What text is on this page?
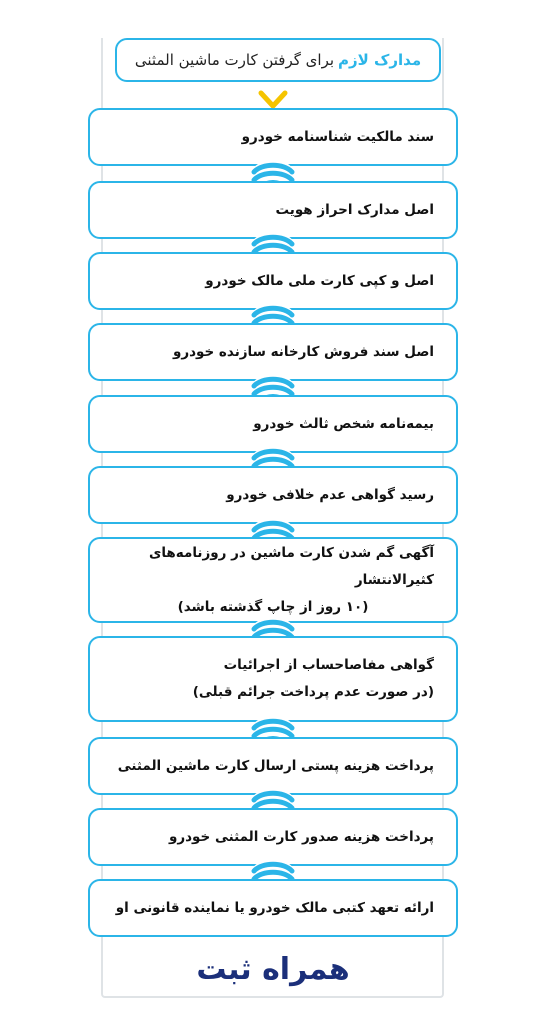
مدارک لازم
برای گرفتن کارت ماشین المثنی
سند مالکیت شناسنامه خودرو
اصل مدارک احراز هویت
اصل و کپی کارت ملی مالک خودرو
اصل سند فروش کارخانه سازنده خودرو
بیمه‌نامه شخص ثالث خودرو
رسید گواهی عدم خلافی خودرو
آگهی گم شدن کارت ماشین در روزنامه‌های کثیرالانتشار
(۱۰ روز از چاپ گذشته باشد)
گواهی مفاصاحساب از اجرائیات
(در صورت عدم پرداخت جرائم قبلی)
پرداخت هزینه پستی ارسال کارت ماشین المثنی
پرداخت هزینه صدور کارت المثنی خودرو
ارائه تعهد کتبی مالک خودرو یا نماینده قانونی او
همراه ثبت
